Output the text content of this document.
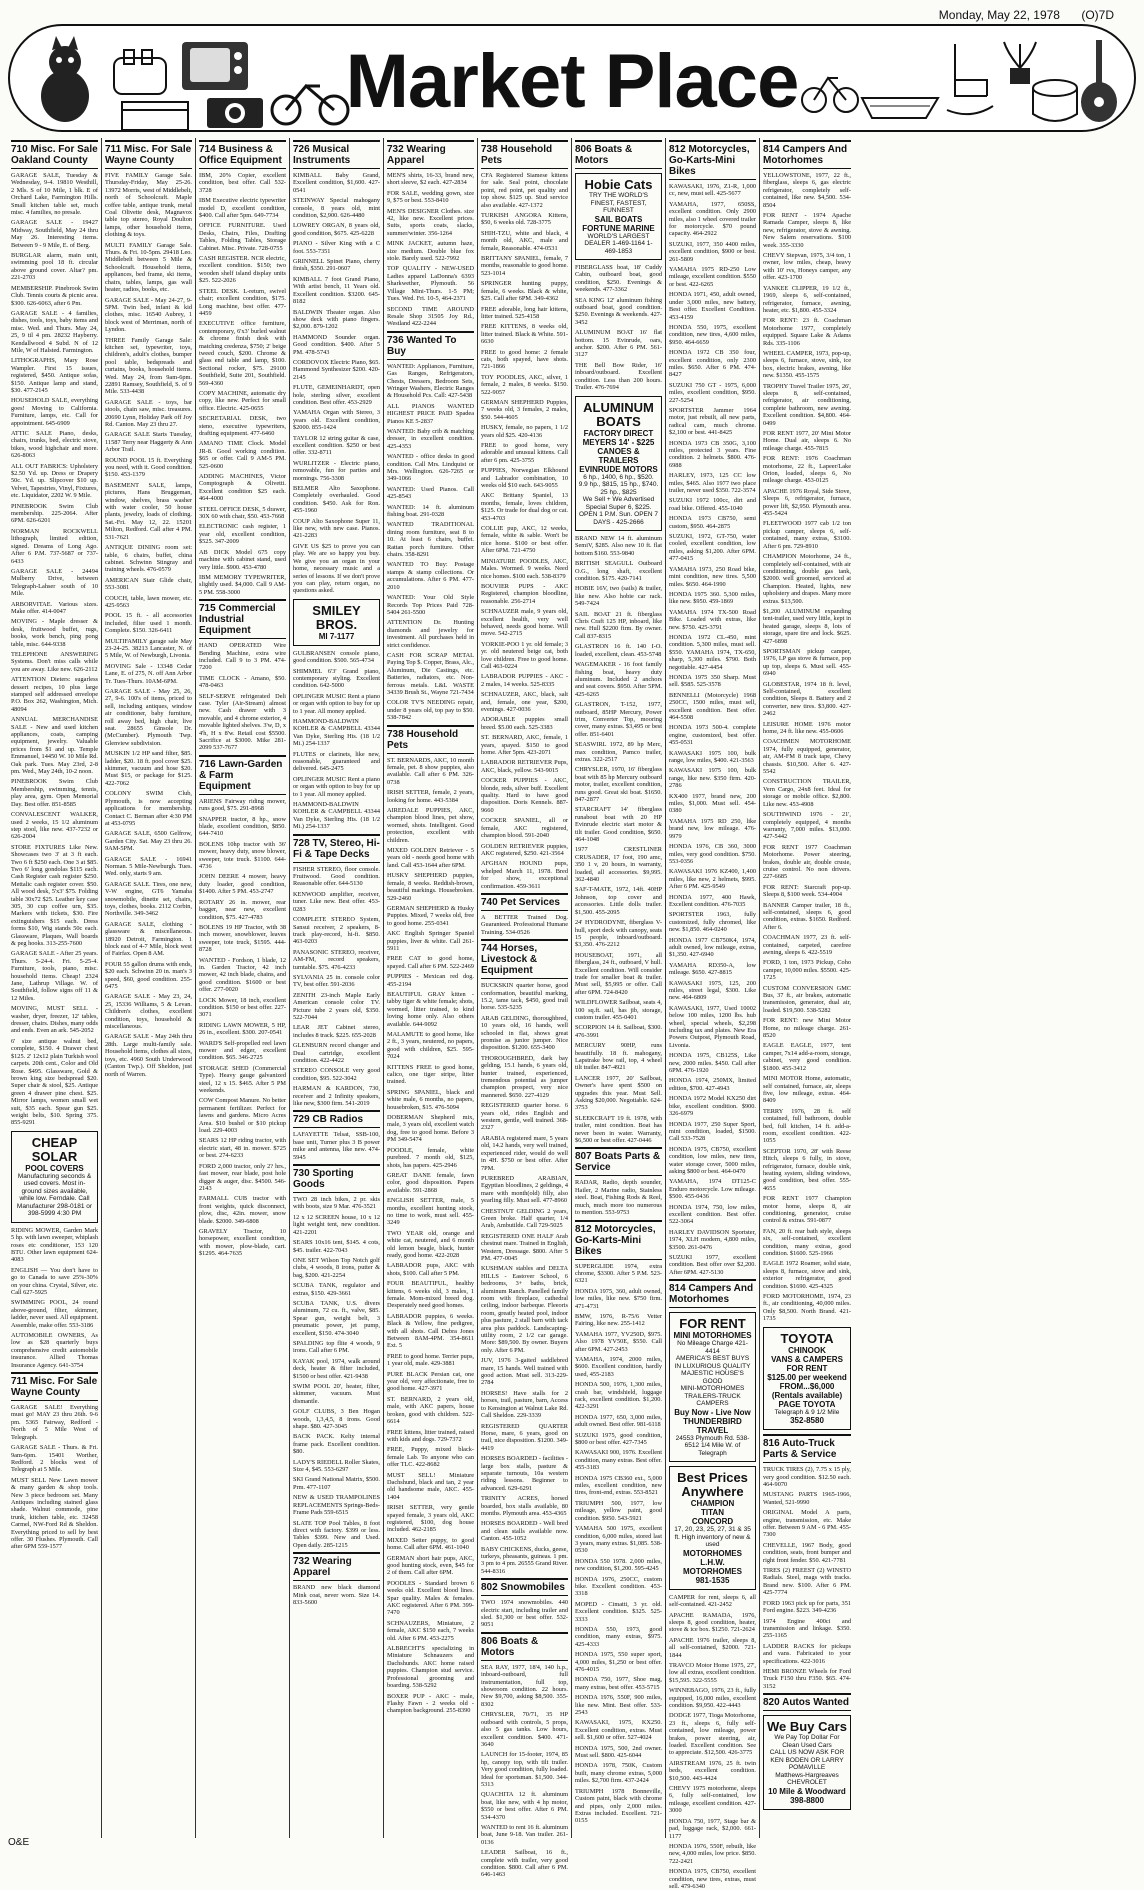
Monday, May 22, 1978 (O)7D
Market Place
710 Misc. For Sale Oakland County
GARAGE SALE, Tuesday & Wednesday, 9-4. 19810 Westhill, 2 Mls. S of 10 Mile, 1 blk. E of Orchard Lake, Farmington Hills. Small kitchen table set, much misc. 4 families, no presale.
GARAGE SALE - 19427 Midway, Southfield, May 24 thru May 26. Interesting items. Between 9 - 9 Mile, E. of Berg.
BURGLAR alarm, main unit, swimming pool 18 ft. circular above ground cover. Altar? pm. 221-2703
MEMBERSHIP. Pinebrook Swim Club. Tennis courts & picnic area. $300. 626-6063, after 6 Pm.
GARAGE SALE - 4 families, dishes, tools, toys, baby items and misc. Wed. and Thurs. May 24, 25, 9 til 4 pm. 28232 Hayberry. Kendallwood 4 Subd. N of 12 Mile, W of Halsted. Farmington.
LITHOGRAPHS, Mary Rose Wampler. First 15 issues, registered, $450. Antique sofas, $150. Antique lamp and stand, $30. 477-2145
HOUSEHOLD SALE, everything goes! Moving to California. Furniture, lamps, etc. Call for appointment. 645-6909
ATTIC SALE Piano, desks, chairs, trunks, bed, electric stove, bikes, wood highchair and more. 626-8063
ALL OUT FABRICS: Upholstery $2.50 Yd. up. Dress or Drapery 50c. Yd. up. Slipcover $10 up. Velvet, Tapestries, Vinyl, Fixtures, etc. Liquidator, 2202 W. 9 Mile.
PINEBROOK Swim Club membership. 225-2064. After 6PM. 626-6201
NORMAN ROCKWELL lithograph, limited edition, signed. Dreams of Long Ago. After 6 P.M. 737-5687 or 737-6433
GARAGE SALE - 24494 Mulberry Drive, between Telegraph-Lahser south of 10 Mile.
ARBORVITAE. Various sizes. Make offer. 414-0047
MOVING - Maple dresser & desk, fruitwood buffet, rugs, books, work bench, ping pong table, misc. 644-9338
TELEPHONE ANSWERING Systems. Don't miss calls while you are away. Like new. 626-2112
ATTENTION Dieters: sugarless dessert recipes, 10 plus large stamped self addressed envelope P.O. Box 262, Washington, Mich. 48094
ANNUAL MERCHANDISE SALE - New and used kitchen appliances, coats, camping equipment, jewelry. Valuable prices from $1 and up. Temple Emmanuel, 14450 W. 10 Mile Rd. Oak park. Tues. May 23rd, 2-8 pm. Wed., May 24th, 10-2 noon.
PINEBROOK Swim Club Membership, swimming, tennis, play area, gym. Open Memorial Day. Best offer. 851-8585
CONVALESCENT WALKER, used 2 weeks, 15 1/2 aluminum step stool, like new. 437-7232 or 626-2004
STORE FIXTURES Like New. Showcases two 3' at 3 ft each. Two 6 ft $250 each. One 3 at $85. Two 6' long gondolas $115 each. Cash Register cash register $250. Mettalic cash register cover. $50. All wood desk, 5'x3' $75. Folding table 30x72 $25. Leather key case 305, 30 cup coffee urn, $35. Markers with tickets, $30. Fire extinguishers $15 each. Dress forms $10, Wig stands 50c each. Glassware, Plaques, Wall boards & peg hooks. 313-255-7600
GARAGE SALE - After 25 years. Thurs. 5-24-4. Fri. 5-25-4. Furniture, tools, piano, misc. household items. Cheap! 2324 Jane, Lathrup Village. W. of Southfield, follow signs off 11 & 12 Miles.
MOVING, MUST SELL - washer, dryer, freezer, 12' tables, dresser, chairs. Dishes, many odds and ends. Even an ark. 545-2052
6' size antique walnut bed, complete, $150. 4 Drawer chest $125. 2' 12x12 plain Turkish wool carpets. 20th cent., Color and Old Rose. $495. Glassware, Gold & brown king size bedspread $20. Super chair & stool, $25. Antique green 4 drawer pine chest. $25. Mirror lamps, women small wet suit, $35 each. Spear gun $25. weight belts, $10. Spring 375. 855-9291
CHEAP SOLAR
POOL COVERS
Manufacturing seconds & used covers. Most in-ground sizes available, while low. Ferndale. Call Manufacturer 298-0181 or 398-5999 4:30 PM
RIDING MOWER, Garden Mark 5 hp. with lawn sweeper, whiplash roses etc conditioner, 153 120 BTU. Other lawn equipment 624-4083
ENGLISH — You don't have to go to Canada to save 25%-30% on your china. Crystal, Silver, etc. Call 627-5925
SWIMMING POOL, 24 round above-ground, filter, skimmer, ladder, never used. All equipment. Assemble, make offer. 553-3186
AUTOMOBILE OWNERS, As low as $28 quarterly buys comprehensive credit automobile insurance. Allied Thomas Insurance Agency. 641-3754
711 Misc. For Sale Wayne County
GARAGE SALE! Everything must go! MAY 23 thru 26th. 9-6 pm. 5365 Fairway, Redford - North of 5 Mile West of Telegraph.
GARAGE SALE - Thurs. & Fri. 9am-6pm. 15401 Worther, Redford. 2 blocks west of Telegraph at 5 Mile.
MUST SELL New Lawn mower & many garden & shop tools. New 3 piece bedroom set. Many Antiques including stained glass shade. Walnut commode, pine trunk, kitchen table, etc. 32458 Carmel, NW-Ford Rd & Sheldon. Everything priced to sell by best offer. 30 Flushes. Plymouth. Call after 6PM 559-1577
711 Misc. For Sale Wayne County
FIVE FAMILY Garage Sale. Thursday-Friday, May 25-26. 13972 Morris, west of Middlebelt, north of Schoolcraft. Maple coffee table, antique trunk, metal Coal Olivette desk, Magnavox table top stereo, Royal Doulton lamps, other household items, clothing & toys.
MULTI FAMILY Garage Sale. Thurs. & Fri. 10-5pm. 29418 Leo. Middlebelt between 5 Mile & Schoolcraft. Household items, appliances, bed frame, ski items, chairs, tables, lamps, gas wall heater, radios, books, etc.
GARAGE SALE - May 24-27, 9-5PM. Twin bed, infant & kid clothes, misc. 16540 Aubrey, 1 block west of Merriman, north of Lyndon.
THREE Family Garage Sale: kitchen set, typewriter, toys, children's, adult's clothes, bumper pool table, bedspreads and curtains, books, household items. Wed. May 24, from 9am-6pm. 22891 Ramsey, Southfield, S. of 9 Mile. 533-4438
GARAGE SALE - toys, bar stools, chain saw, misc. treasures. 20690 Lynn, Holiday Park off Joy Rd. Canton. May 23 thru 27.
GARAGE SALE Starts Tuesday, 11587 Terry near Haggerty & Ann Arbor Trail.
ROUND POOL 15 ft. Everything you need, with it. Good condition. $150. 453-1379
BASEMENT SALE, lamps, pictures, Hans Bruggeman, window, shelves, brass washer with water cooler, 50 house plants, jewelry, loads of clothing. Sat.-Fri. May 12, 22. 15201 Milton, Redford. Call after 4 PM. 531-7621
ANTIQUE DINING room set: table, 6 chairs, buffet, china cabinet. Schwinn Stingray and training wheels. 476-0579
AMERICAN Stair Glide chair, 553-3081
COUCH, table, lawn mower, etc. 425-9563
POOL 15 ft. - all accessories included, filter used 1 month. Complete. $150. 326-6411
MULTIFAMILY garage sale May 23-24-25. 38213 Lancaster, N. of 5 Mile, W. of Newburgh, Livonia.
MOVING Sale - 13348 Cedar Lane, E. of 275, N. off Ann Arbor Tr. Tues-Thurs. 10AM-6PM.
GARAGE SALE - May 25, 26, 27, 9-6. 100's of items, priced to sell, including antiques, window air conditioner, baby furniture, roll away bed, high chair, live seat. 28655 Ginsole Dr. (McCumber). Plymouth Twp. Glenview subdivision.
MUSKIN 1/2 HP sand filter, $85. ladder, $20. 18 ft. pool cover $25. skimmer, vacuum and hose $20. Must $15, or package for $125. 422-7062
COLONY SWIM Club, Plymouth, is now accepting applications for membership. Contact C. Berman after 4:30 PM at 453-0795
GARAGE SALE, 6500 Gelfrow, Garden City. Sat. May 23 thru 26. 9AM-5PM.
GARAGE SALE - 16941 Norman. 5 Mile-Newburgh. Tues. Wed. only, starts 9 am.
GARAGE SALE. Tires, one new, V-W engine, GT6 Yamaha snowmobile, dinette set, chairs, toys, clothes, books. 2112 Corbin, Northville. 349-3462
GARAGE SALE, clothing - glassware & miscellaneous. 18920 Detroit, Farmington. 1 block east of 4-7 Mile, block west of Fairfax. Open 8 AM.
FOUR 55 gallon drums with ends, $20 each. Schwinn 20 in. man's 3 speed, $60, good condition. 255-6475
GARAGE SALE - May 23, 24, 25, 15336 Williams, 5 & Levan. Children's clothes, excellent condition, toys, household & miscellaneous.
GARAGE SALE - May 24th thru 28th. Large multi-family sale. Household items, clothes all sizes, toys, etc. 4960 South Underwood (Canton Twp.). Off Sheldon, just north of Warren.
714 Business & Office Equipment
IBM, 20% Copier, excellent condition, best offer. Call 532-3728
IBM Executive electric typewriter model D, excellent condition, $400. Call after 5pm. 649-7734
OFFICE FURNITURE. Used Desks, Chairs, Files, Drafting Tables, Folding Tables, Storage Cabinet. Misc. Private. 728-0755
CASH REGISTER. NCR electric, excellent condition. $150; two wooden shelf island display units $25. 522-2026
STEEL DESK. L-return, swivel chair; excellent condition, $175. Long machine, best offer. 477-4459
EXECUTIVE office furniture, contemporary, 6'x3' burled walnut & chrome finish desk with matching credenza, $750; 2' beige tweed couch, $200. Chrome & glass end table and lamp, $100. Sectional rocker, $75. 29100 Southfield, Suite 201, Southfield. 569-4360
COPY MACHINE, automatic dry copy, like new. Perfect for small office. Electric. 425-0655
SECRETARIAL DESK, two steno, executive typewriters, drafting equipment. 477-6460
AMANO TIME Clock. Model JR-8. Good working condition. $65 or offer. Call 9 AM-5 PM. 525-0600
ADDING MACHINES, Victor Comptograph & Olivetti. Excellent condition $25 each. 464-4000
STEEL OFFICE DESK, 5 drawer, 30X 60 with chair, $50. 453-7668
ELECTRONIC cash register, 1 year old, excellent condition, $525. 347-2009
AB DICK Model 675 copy machine with cabinet stand, used very little. $900. 453-4780
IBM MEMORY TYPEWRITER, slightly used. $4,000. Call 9 AM-5 PM. 558-3000
715 Commercial Industrial Equipment
HAND OPERATED Wire Bending Machine, extra wire included. Call 9 to 3 PM. 474-7200
TIME CLOCK - Amano, $50. 478-0463
SELF-SERVE refrigerated Deli case. Tyler (Air-Stream) almost new. Cash drawer with 3 movable, and 4 chrome exterior, 4 movable lighted shelves. 3'w, D, x 4'h, H x 8'w. Retail cost $5500. Sacrifice at $3000. Mike 281-2099 537-7677
716 Lawn-Garden & Farm Equipment
ARIENS Fairway riding mower, runs good, $75. 291-8968
SNAPPER tractor, 8 hp., snow blade, excellent condition, $850. 644-7410
BOLENS 10hp tractor with 36' mower, heavy duty, snow blower, sweeper, tote truck. $1100. 644-4736
JOHN DEERE 4 mower, heavy duty loader, good condition, $1400. After 5 PM. 453-2747
ROTARY 26 in. mower, rear bagger, near new, excellent condition, $75. 427-4783
BOLENS 19 HP Tractor, with 38 inch mower, snowblower, leaves sweeper, tote truck, $1595. 444-8728
WANTED - Fordson, 1 blade, 12 in. Garden Tractor, 42 inch mower, 42 inch blade, chains, and good condition. $1600 or best offer. 277-0020
LOCK Mower, 18 inch, excellent condition. $150 or best offer. 227-3071
RIDING LAWN MOWER, 5 HP, 26 in., excellent. $300. 207-0541
WARD'S Self-propelled reel lawn mower and edger, excellent condition. $65. 346-2725
STORAGE SHED (Commercial Type). Heavy gauge galvanized steel, 12 x 15. $465. After 5 PM weekends.
COW Compost Manure. No better permanent fertilizer. Perfect for lawns and gardens. Micro Acres Area. $10 bushel or $10 pickup load. 229-4003
SEARS 12 HP riding tractor, with electric start, 48 in. mower. $725 or best. 274-6233
FORD 2,000 tractor, only 2? hrs., fast mower, rear blade, post hole digger & auger, disc. $4500. 546-2143
FARMALL CUB tractor with front weights, quick disconnect, plow, disc, 42in. mower, snow blade. $2000. 349-6808
GRAVELY Tractor, 10 horsepower, excellent condition, with mower, plow-blade, cart. $1295. 464-7635
726 Musical Instruments
KIMBALL Baby Grand, Excellent condition, $1,600. 427-0541
STEINWAY Special mahogany console, 8 years old, mint condition, $2,900. 626-4480
LOWREY ORGAN, 8 years old, good condition, $675. 425-6228
PIANO - Silver King with a C foot. 553-7351
GRINNELL Spinet Piano, cherry finish, $350. 291-0607
KIMBALL 7 foot Grand Piano, With artist bench, 11 Years old. Excellent condition. $3200. 645-8182
BALDWIN Theater organ. Also show deck with piano fingers. $2,000. 879-1202
HAMMOND Sounder organ. Good condition. $400. After 5 PM. 478-5743
CORDOVOX Electric Piano, $65. Hammond Synthesizer $200. 420-2145
FLUTE, GEMEINHARDT, open hole, sterling silver, excellent condition. Best offer. 453-2929
YAMAHA Organ with Stereo, 3 years old. Excellent condition, $2000. 855-1424
TAYLOR 12 string guitar & case, excellent condition. $250 or best offer. 332-8711
WURLITZER - Electric piano, removable, fun for parties and mornings. 756-3308
BELMER Alto Saxophone. Completely overhauled. Good condition. $450. Ask for Ron. 455-1960
COUP Alto Saxophone Super 11, like new, with new case. Pianos. 421-2283
GIVE US $25 to prove you can play. We are so happy you buy. We give you an organ in your home, necessary music and a series of lessons. If we don't prove you can play, return organ, no questions asked.
SMILEY BROS.
MI 7-1177
GULBRANSEN console piano, good condition. $500. 565-4734
SHIMMEL 6'3' Grand piano, contemporary styling. Excellent condition. 642-5000
OPLINGER MUSIC Rent a piano or organ with option to buy for up to 1 year. All money applied.
HAMMOND-BALDWIN KOHLER & CAMPBELL 43344 Van Dyke, Sterling Hts. (18 1/2 Mi.) 254-1337
FLUTES or clarinets, like new, reasonable, guaranteed and delivered. 645-2475
OPLINGER MUSIC Rent a piano or organ with option to buy for up to 1 year. All money applied.
HAMMOND-BALDWIN KOHLER & CAMPBELL 43344 Van Dyke, Sterling Hts. (18 1/2 Mi.) 254-1337
728 TV, Stereo, Hi-Fi & Tape Decks
FISHER STEREO, floor console. Fruitwood. Good condition. Reasonable offer. 644-5130
KENWOOD amplifier, receiver, tuner. Like new. Best offer. 453-0283
COMPLETE STEREO System, Sansui receiver, 2 speakers, 8-track play-record, hi-fi. $850. 463-0203
PANASONIC STEREO, receiver, AM-FM, record speakers, turntable. $75. 476-4233
SYLVANIA 25 in. console color TV, best offer. 591-2036
ZENITH 23-inch Maple Early American console color TV. Picture tube 2 years old, $350. 522-7044
LEAR JET Cabinet stereo, includes 8 track. $225. 655-2028
GLENBURN record changer and Dual cartridge, excellent condition. 422-4422
STEREO CONSOLE very good condition, $95. 522-3042
HARMAN & KARDON, 730, receiver and 2 Infinity speakers, like new, $300 firm. 541-2019
729 CB Radios
LAFAYETTE Telsat, SSB-100, base unit, Turner plus 3 B power mike and antenna, like new. 474-5945
730 Sporting Goods
TWO 28 inch bikes, 2 pr. skis with boots, size 9 Mar. 476-3521
12 x 12 SCREEN house, 10 x 12 light weight tent, new condition. 421-2201
SEARS 10x16 tent, $145. 4 cots, $45. trailer. 422-7043
ONE SET Wilson Top Notch golf clubs, 4 woods, 8 irons, putter & bag, $200. 421-2254
SCUBA TANK, regulator and extras, $150. 429-3661
SCUBA TANK, U.S. divers aluminum, 72 cu. ft., valve, $85. Spear gun, weight belt, 3 pneumatic power, jet pump, excellent, $150. 474-3040
SPALDING top flite 4 woods, 9 irons. Call after 6 PM.
KAYAK pool, 1974, walk around deck, heater & filter included, $1500 or best offer. 421-9438
SWIM POOL 20', heater, filter, skimmer, vacuum. Must dismantle.
GOLF CLUBS, 3 Ben Hogan woods, 1,3,4,5, 8 irons. Good shape. $80. 427-3045
BACK PACK. Kelty internal frame pack. Excellent condition. $80.
LADY'S RIEDELL Roller Skates, Size 4, $45. 553-6297
SKI Grand National Matrix, $500. Prm. 477-1107
NEW & USED TRAMPOLINES REPLACEMENTS Springs-Beds-Frame Pads 559-6515
SLATE TOP Pool Tables, 8 foot direct with factory. $399 or less. Tables $399. New and Used. Open daily. 285-1215
732 Wearing Apparel
BRAND new black diamond Mink coat, never worn. Size 14. 833-5600
732 Wearing Apparel
MEN'S shirts, 16-33, brand new, short sleeve, $2 each. 427-2834
FOR SALE, wedding gown, size 9, $75 or best. 553-8410
MEN'S DESIGNER Clothes. size 42, like new. Excellent prices. Suits, sports coats, slacks, summer/winter. 356-1264
MINK JACKET, autumn haze, size medium. Double blue fox stole. Barely used. 522-7992
TOP QUALITY - NEW-USED Ladies apparel LaDonna's 6393 Sharkwether, Plymouth. 56 Village Mini-Thurs. 1-5 PM; Tues. Wed. Fri. 10-5, 464-2371
SECOND TIME AROUND Resale Shop 31505 Joy Rd., Westland 422-2244
736 Wanted To Buy
WANTED: Appliances, Furniture, Gas Ranges, Refrigerators, Chests, Dressers, Bedroom Sets, Wringer Washers, Electric Ranges & Household Pcs. Call: 427-5438
ALL PIANOS WANTED HIGHEST PRICE PAID Spadea Pianos KE 5-2837
WANTED: Baby crib & matching dresser, in excellent condition. 425-4353
WANTED - office desks in good condition. Call Mrs. Lindquist or Mrs. Wellington. 626-7265 or 349-1066
WANTED: Used Pianos. Call 425-8543
WANTED: 14 ft. aluminum fishing boat. 291-0328
WANTED TRADITIONAL dining room furniture, seat 8 to 10. At least 6 chairs, buffet. Rattan porch furniture. Other chairs. 358-8291
WANTED TO Buy: Postage stamps & stamp collections. Or accumulations. After 6 PM. 477-2010
WANTED: Your Old Style Records Top Prices Paid 728-5404 261-5500
ATTENTION Dr. Hunting diamonds and jewelry for investment. All purchases held in strict confidence.
CASH FOR SCRAP METAL Paying Top $. Copper, Brass, Alc., Aluminum, Die Castings, etc. Batteries, radiators, etc. Non-ferrous metals. L&L WASTE 34339 Brush St., Wayne 721-7434
COLOR TV'S NEEDING repair, under 8 years old, top pay to $50. 538-7842
738 Household Pets
ST. BERNARDS, AKC, 10 month female, pet. 8 show puppies, also available. Call after 6 PM. 326-0738
IRISH SETTER, female, 2 years, looking for home. 443-5384
AIREDALE PUPPIES, AKC, champion blood lines, pet show, wormed, shots. Intelligent. Good protection, excellent with children.
MIXED GOLDEN Retriever - 5 years old - needs good home with land. Call 453-1644 after 6PM.
HUSKY SHEPHERD puppies, female, 8 weeks. Reddish-brown, beautiful markings. Housebroken. 529-2460
GERMAN SHEPHERD & Husky Puppies. Mixed, 7 weeks old, free to good home. 255-0341
AKC English Springer Spaniel puppies, liver & white. Call 261-5911
FREE CAT to good home, spayed. Call after 6 PM. 522-2469
PUPPIES - Mexican red dog. 455-2194
BEAUTIFUL GRAY kitten - tabby tiger & white female; shots, wormed, litter trained, to kind loving home only. Also others available. 644-9092
MALAMUTE to good home, like 2 ft., 3 years, neutered, no papers, good with children, $25. 595-7024
KITTENS FREE to good home, calico, one tiger stripe, litter trained.
SPRING SPANIEL, black and white male, 6 months, no papers, housebroken, $15. 476-5094
DOBERMAN Shepherd mix, male, 3 years old, excellent watch dog, free to good home. Before 3 PM 349-5474
POODLE, female, white purebred. 7 month old, $125, shots, has papers. 425-2946
GREAT DANE female, fawn color, good disposition. Papers available. 591-2868
ENGLISH SETTER, male, 5 months, excellent hunting stock, no time to work, must sell. 455-3249
TWO YEAR old, orange and white cat, neutered, and 6 month old lemon beagle, black, hunter ready, good home. 422-2028
LABRADOR pups, AKC with shots, $100. Call after 5 PM.
FOUR BEAUTIFUL, healthy kittens, 6 weeks old, 3 males, 1 female. Mom-mixed breed dog. Desperately need good homes.
LABRADOR puppies, 6 weeks. Black & Yellow, fine pedigree, with all shots. Call Debra Jones Between 8AM-4PM. 354-8611 Ext. 5
FREE to good home. Terrier pups, 1 year old, male. 429-3881
PURE BLACK Persian cat, one year old, very affectionate, free to good home. 427-3971
ST. BERNARD, 2 years old, male, with AKC papers, house broken, good with children. 522-6614
FREE kittens, litter trained, raised with kids and dogs. 729-7372
FREE, Puppy, mixed black-female Lab. To anyone who can offer TLC. 422-8682
MUST SELL! Miniature Dachshund, black and tan, 2 year old handsome male, AKC. 455-1404
IRISH SETTER, very gentle spayed female, 3 years old, AKC registered, $100, dog house included. 462-2185
MIXED Setter puppy, to good home. Call after 6PM. 461-1040
GERMAN short hair pups, AKC, good hunting stock, even, $45 for 2 of them. Call after 6PM.
POODLES - Standard brown 6 weeks old. Excellent blood lines. Spar quality. Males & females. AKC registered. After 6 PM. 399-7470
SCHNAUZERS, Miniature, 2 female, AKC $150 each, 7 weeks old. After 6 PM. 453-2275
ALBRECHT'S specializing in Miniature Schnauzers and Dachshunds. AKC home raised puppies. Champion stud service. Professional grooming and boarding. 538-5292
BOXER PUP - AKC - male, Flashy Fawn - 2 weeks old - champion background. 255-8390
738 Household Pets
CFA Registered Siamese kittens for sale. Seal point, chocolate point, red point, pet quality and top show. $125 up. Stud service also available. 427-1372
TURKISH ANGORA Kittens, $50, 6 weeks old. 728-3775
SHIH-TZU, white and black, 4 month old, AKC, male and female, Reasonable. 474-0531
BRITTANY SPANIEL, female, 7 months, reasonable to good home. 523-1014
SPRINGER hunting puppy, female, 6 weeks. Black & white, $25. Call after 6PM. 349-4362
FREE adorable, long hair kittens, litter trained. 525-4158
FREE KITTENS, 8 weeks old, litter trained. Black & White. 591-6630
FREE to good home: 2 female cats, both spayed, have shots. 721-1866
TOY POODLES, AKC, silver, 1 female, 2 males, 8 weeks. $150. 522-9057
GERMAN SHEPHERD Puppies, 7 weeks old, 3 females, 2 males, $50. 544-4605
HUSKY, female, no papers, 1 1/2 years old $25. 420-4136
FREE to good home, very adorable and unusual kittens. Call after 6 pm. 425-3755
PUPPIES, Norwegian Elkhound and Labrador combination, 10 weeks old $10 each. 643-9055
AKC Brittany Spaniel, 13 months, female, loves children, $125. Or trade for dual dog or cat. 453-4703
COLLIE pup, AKC, 12 weeks, female, white & sable. Won't be nice home. $100 or best offer. After 6PM. 721-4750
MINIATURE POODLES, AKC, Males. Wormed. 9 weeks. Need nice homes. $100 each. 538-8379
BOUVIER PUPS - AKC Registered, champion bloodline, reasonable. 256-2714
SCHNAUZER male, 9 years old, excellent health, very well behaved, needs good home. Will move. 542-2715
YORKIE-POO 1 yr. old female; 3 yr. old neutered beige cat, both love children. Free to good home. Call 463-0224
LABRADOR PUPPIES - AKC - 2 males, 14 weeks. 525-8335
SCHNAUZER, AKC, black, salt and, female, one year, $200, evenings. 427-0036
ADORABLE puppies small breed. $5.00 each. 525-3383
ST. BERNARD, AKC, female, 1 years, spayed. $150 to good home. After 5pm. 423-2071
LABRADOR RETRIEVER Pups, AKC, black, yellow. 543-9015
COCKER PUPPIES - AKC, blonde, reds, silver buff. Excellent quality. Hard to have good disposition. Doris Kennels. 887-9660
COCKER SPANIEL, all or female, AKC registered, champion blood. 591-2040
GOLDEN RETRIEVER puppies, AKC registered, $250. 421-3564
AFGHAN HOUND pups, whelped March 11, 1978. Bred for show, exceptional confirmation. 459-3611
740 Pet Services
A BETTER Trained Dog. Guaranteed. Professional Humane Training. 534-0526
744 Horses, Livestock & Equipment
BUCKSKIN quarter horse, good conformation, beautiful marking, 15.2, tame tack, $450, good trail horse. 535-5235
ARAB GELDING, thoroughbred, 10 years old, 16 hands, well schooled in flat, shows great promise as junior jumper. Nice disposition. $1200. 655-3400
THOROUGHBRED, dark bay gelding, 15.1 hands, 6 years old, hunter trained, experienced, tremendous potential as jumper champion prospect, very nice mannered. $650. 227-4129
REGISTERED quarter horse. 6 years old, rides English and western, gentle, well trained. 368-2327
ARABIA registered mare, 5 years old, 14.2 hands, very well trained, experienced rider, would do well in 4H. $750 or best offer. After 7PM.
PUREBRED ARABIAN, Egyptian bloodlines, 2 geldings, 4 mare with month(old) filly, also yearling filly. Must sell. 477-8960
CHESTNUT GELDING 2 years, Green broke. Half quarter, 1/4 Arab, Ambutilde. Call 729-5025
REGISTERED ONE HALF Arab chestnut mare. Trained in English, Western, Dressage. $800. After 5 PM. 477-0045
KUSHMAN stables and DELTA HILLS - Eastover School, 6 bedrooms, 3+ baths, brick, aluminum Ranch. Panelled family room with fireplace, cathedral ceiling, indoor barbeque. Fleeoris room, greatly heated pool, indoor plus pasture, 2 stall barn with tack area plus paddock. Landscaping-utility room, 2 1/2 car garage. More: $89,500. By owner. Buyers only. After 6 PM.
JUV, 1976 3-gaited saddlebred mare, 15 hands. Well trained with good action. Must sell. 313-229-2784
HORSES! Have stalls for 2 horses, trail, pasture, barn, Access to Kensington at Walnut Lake Rd. Call Sheldon. 229-3339
REGISTERED QUARTER Horse, mare, 6 years, good on trail, nice disposition. $1200. 349-4419
HORSES BOARDED - facilities - large box stalls, pasture & separate turnouts, 10a western riding lessons. Beginner to advanced. 629-6291
TRINITY ACRES, horsed boarded, box stalls available, 80 months. Plymouth area. 453-4365
HORSES BOARDED - Well bred and clean stalls available now. Canton. 455-1052
BABY CHICKENS, ducks, geese, turkeys, pheasants, guineas. 1 pm. 3 pm to 4 pm. 26555 Grand River. 544-8316
802 Snowmobiles
TWO 1974 snowmobiles. 440 electric start, including trailer and sled. $1,300 or best offer. 532-9051
806 Boats & Motors
SEA RAY, 1977, 18'4, 140 h.p., inboard-outboard, full instrumentation, full top, showroom condition. 22 hours. New $9,700, asking $8,500. 355-8302
CHRYSLER, 70/71, 35 HP outboard with controls, 5 props, also 5 gas tanks. Low hours, excellent condition. $400. 471-3640
LAUNCH for 15-footer, 1974, 85 hp, canopy top, with tilt trailer. Very good condition, fully loaded. Ideal for sportsman. $1,500. 344-5313
QUACHITA 12 ft. aluminum boat, like new, with 4 hp motor, $550 or best offer. After 6 PM. 534-4370
WANTED to rent 16 ft. aluminum boat, June 9-18. Van trailer. 261-0136
LEADER Sailboat, 16 ft., complete with trailer, very good condition. $800. Call after 6 PM. 646-1463
806 Boats & Motors
Hobie Cats
TRY THE WORLD'S FINEST, FASTEST, FUNNEST
SAIL BOATS
FORTUNE MARINE
WORLD'S LARGEST DEALER 1-469-1164 1-469-1853
FIBERGLASS boat, 18' Cuddy Cabin, outboard boat, good condition, $250. Evenings & weekends. 477-3362
SEA KING 12' aluminum fishing outboard boat, good condition. $250. Evenings & weekends. 427-3452
ALUMINUM BOAT 16' flat bottom. 15 Evinrude, oars, anchor. $200. After 6 PM. 561-3127
THE Bell Bow Rider, 16' inboard/outboard. Excellent condition. Less than 200 hours. Trailer. 476-7694
ALUMINUM BOATS
FACTORY DIRECT
MEYERS 14' - $225
CANOES & TRAILERS
EVINRUDE MOTORS
6 hp., 1400, 6 hp., $520. 9.9 hp., $815, 15 hp., $740. 25 hp., $825
We Sell + We Advertised Special Super 6, $225. OPEN 1 P.M. Sun. OPEN 7 DAYS - 425-2666
BRAND NEW 14 ft. aluminum SemiV, $285. Also new 10 ft. flat bottom $160. 553-9840
BRITISH SEAGULL Outboard O.G., long shaft, excellent condition. $175. 420-7141
HOBIE 16V, two (sails) & trailer, like new. Also hobie car rack. 549-7424
SAIL BOAT 21 ft. fiberglass Chris Craft 125 HP, inboard, like new. Hull $2200 firm. By owner. Call 837-8315
GLASTRON 16 ft. 140 I-O. loaded, excellent, clean. 453-5748
WAGEMAKER - 16 foot family fishing boat, heavy duty aluminum. Included 2 anchors and seat covers. $950. After 5PM. 425-6265
GLASTRON, T-152, 1977, outboard, 85HP Mercury, Power trim, Converter Top, mooring cover, many extras. $3,495 or best offer. 851-6401
SEASWIRL 1972, 89 hp Merc, max condition, Pamco trailer, extras. 322-2517
CHRYSLER, 1970, 16' fiberglass boat with 85 hp Mercury outboard motor, trailer, excellent condition, runs good. Great ski boat. $1650. 847-2877
STARCRAFT 14' fiberglass runabout boat with 20 HP Evinrude electric start motor & tilt trailer. Good condition, $650. 464-1048
1977 CRESTLINER CRUSADER, 17 foot, 190 amc, 350 1 v, 20 hours, in warranty, loaded, all accessories. $9,995. 362-4840
SAF-T-MATE, 1972, 14ft. 40HP Johnson, top cover and accessories. Little dolls trailer. $1,500. 455-2095
24' HYDRODYNE, fiberglass V-hull, sport deck with canopy, seats 15 people, inboard/outboard. $3,350. 476-2212
HOUSEBOAT, 1971, all fiberglass, 24 ft., outboard, V hull. Excellent condition. Will consider trade for smaller boat & trailer. Must sell, $5,995 or offer. Call after 6PM. 724-8420
WILDFLOWER Sailboat, seats 4, 100 sq.ft. sail, has jib, storage, custom trailer. 455-0401
SCORPION 14 ft. Sailboat, $300. 476-3991
MERCURY 90HP, runs beautifully. 18 ft. mahogany, Lapstrake bow rail, top, 4 wheel tilt trailer. 847-4921
LANCER 1977, 20' Sailboat, Owner's have spent $500 on upgrades this year. Must Sell. Asking $20,000. Negotiable. 624-3753
SLEEKCRAFT 19 ft. 1978, with trailer, mint condition. Boat has never been in water. Warranty, $6,500 or best offer. 427-0446
807 Boats Parts & Service
RADAR, Radio, depth sounder, Hailer, 2 Marine radio, Stainless steel. Boat, Fishing Rods & Reel, much, much more too numerous to mention. 553-9753
812 Motorcycles, Go-Karts-Mini Bikes
SUPERGLIDE 1974, extra chrome, $3300. After 5 P.M. 523-6321
HONDA 1975, 360, adult owned, low miles, like new. $750 firm. 471-4731
BMW, 1976, R-75/6 Vetter Fairing, like new. 255-1412
YAMAHA 1977, YV250D, $975. Also 1978 YV50E, $550. Call after 6PM. 427-2453
YAMAHA, 1974, 2000 miles, $600. Excellent condition, hardly used, 455-2183
HONDA 500, 1976, 1,300 miles, crash bar, windshield, luggage rack, excellent condition. $1,200. 422-3291
HONDA 1977, 650, 3,000 miles, adult owned. Best offer. 981-6118
SUZUKI 1975, good condition, $800 or best offer. 427-7345
KAWASAKI 900, 1976. Excellent condition, many extras. Best offer. 455-3183
HONDA 1975 CB360 ext., 5,000 miles, excellent condition, new tires, front-end, extras. 553-8521
TRIUMPH 500, 1977, low mileage, yellow paint, good condition. $950. 543-5921
YAMAHA 500 1975, excellent condition, 6,000 miles, stored last 3 years, many extras. $1,085. 538-0530
HONDA 550 1978. 2,000 miles, new condition, $1,200. 595-4245
HONDA 1976, 250CC, custom bike. Excellent condition. 453-3318
MOPED - Cimatti, 3 yr. old. Excellent condition. $325. 525-3333
HONDA 550, 1973, good condition, many extras, $975. 425-4333
HONDA 1975, 550 super sport, 4,000 miles, $1,250 or best offer. 476-4015
HONDA 750, 1977, Shoe mag, many extras, best offer. 453-5715
HONDA 1976, 550F, 900 miles, like new. Mint. Best offer. 533-2543
KAWASAKI, 1975, KX250. Excellent condition, extras. Must sell. $1,600 or offer. 527-4024
HONDA 1975, 500, 2nd owner. Must sell. $800. 425-6044
HONDA 1978, 750K, Custom built, many chrome extras, 5,000 miles. $2,700 firm. 437-2424
TRIUMPH 1978 Bonneville, Custom paint, black with chrome and pipes, only 2,000 miles. Extras included. Excellent. 721-0155
812 Motorcycles, Go-Karts-Mini Bikes
KAWASAKI, 1976, Z1-R, 1,000 cc, new, must sell. 425-5677
YAMAHA, 1977, 650SS, excellent condition. Only 2900 miles, also 1 wheel covered trailer for motorcycle. $70 pound capacity. 464-2922
SUZUKI, 1977, 350 4400 miles, excellent condition, $900 or best. 261-5809
YAMAHA 1975 RD-250 Low mileage, excellent condition. $550 or best. 422-6265
HONDA 1971, 450, adult owned, under 3,000 miles, new battery, Best offer. Excellent Condition. 453-4159
HONDA 550, 1975, excellent condition, new tires, 4,600 miles, $950. 464-6659
HONDA 1972 CB 350 four, excellent condition, only 2300 miles. $650. After 6 PM. 474-8427
SUZUKI 750 GT - 1975, 6,000 miles, excellent condition, $950. 227-5254
SPORTSTER Jammer 1964 motor, just rebuilt, all new parts, radical cam, much chrome. $2,100 or best. 441-8425
HONDA 1973 CB 350G, 3,100 miles, protected 3 years. Fine condition. 2 helmets. $800. 476-6988
HARLEY, 1973, 125 CC low miles, $465. Also 1977 two place trailer, never used $350. 722-3574
SUZUKI 1972 100cc, dirt and road bike. Offered. 455-1040
HONDA 1973 CB750, semi custom, $950. 464-2875
SUZUKI, 1972, GT-750, water cooled, excellent condition, low miles, asking $1,200. After 6PM. 477-0415
YAMAHA 1973, 250 Road bike, mint condition, new tires. 5,500 miles. $650. 464-1990
HONDA 1975 360. 5,300 miles, like new. $950. 459-1869
YAMAHA 1974 TX-500 Road Bike. Loaded with extras, like new. $750. 425-3791
HONDA 1972 CL-450, mint condition. 5,300 miles, must sell. $550. YAMAHA 1974, TX-650, sharp, 5,300 miles. $790. Both negotiable. 427-4454
HONDA 1975 350 Sharp. Must sell. $585. 525-3578
BENNELLI (Motorcycle) 1968 250CC, 1500 miles, must sell, excellent condition. Best offer. 464-5508
HONDA 1973 500-4. complete engine, customized, best offer. 455-0531
KAWASAKI 1975 100, bulk range, low miles, $400. 421-3563
KAWASAKI 1975 100, bulk range, like new. $350 firm. 420-2786
KX400 1977, brand new, 200 miles, $1,000. Must sell. 454-0380
YAMAHA 1975 RD 250, like brand new, low mileage. 476-9979
HONDA 1976, CB 360, 3000 miles, very good condition. $750. 553-0356
KAWASAKI 1976 KZ400, 1,400 miles, like new, 2 helmets, $995. After 6 PM. 425-9549
HONDA 1977, 400 Hawk, Excellent condition. 476-7035
SPORTSTER 1963, fully customized, fully chromed, like new. $1,850. 464-0240
HONDA 1977 CB750K4, 1974, adult owned, low mileage, extras, $1,350. 427-6940
YAMAHA RD350-A, low mileage. $650. 427-8815
KAWASAKI 1975, 125, 200 miles, street legal, $300. Like new. 464-6809
KAWASAKI, 1977, Used 10002 below 100 miles, 1200 lbs. hub wheel, special wheels, $2,298 including tax and plates. New Era Powers Outpost, Plymouth Road, Livonia.
HONDA 1975, CB125S, Like new, 2000 miles. $450. Call after 6PM. 476-1920
HONDA 1974, 250MX, limited edition, $700. 427-4943
HONDA 1972 Model KX250 dirt bike, excellent condition. $900. 326-6979
HONDA 1977, 250 Super Sport, mint condition, loaded, $1500. Call 533-7528
HONDA 1975, CB750, excellent condition, low miles, new tires, water storage cover, 5000 miles, asking $800 or best. 464-0470
YAMAHA, 1974 DT125-C Enduro motorcycle. Low mileage. $500. 455-0436
HONDA 1974, 750, low miles, excellent condition. Best offer. 522-3064
HARLEY DAVIDSON Sportster, 1974, XLH modern, 4,800 miles, $3500. 261-0476
SUZUKI 1977, excellent condition. Best offer over $2,200. After 6PM. 427-5130
814 Campers And Motorhomes
FOR RENT
MINI MOTORHOMES
No Mileage Charge 421-4414
AMERICA'S BEST BUYS IN LUXURIOUS QUALITY MAJESTIC HOUSE'S GOOD
MINI-MOTORHOMES TRAILERS-TRUCK CAMPERS
Buy Now - Live Now
THUNDERBIRD TRAVEL
24553 Plymouth Rd. 538-6512 1/4 Mile W. of Telegraph
Best Prices Anywhere
CHAMPION
TITAN
CONCORD
17, 20, 23, 25, 27, 31 & 35 ft. High inventory of new & used
MOTORHOMES
L.H.W. MOTORHOMES
981-1535
CAMPER for rent, sleeps 6, all self-contained. 421-2452
APACHE RAMADA, 1976, sleeps 8, good condition, heater, stove & ice box. $1250. 721-2624
APACHE 1976 trailer, sleeps 8, all self-contained, $2000. 721-1844
TRAVCO Motor Home 1975, 27', low all extras, excellent condition. $15,595. 322-5555
WINNEBAGO, 1976, 23 ft., fully equipped, 16,000 miles, excellent condition. $9,950. 422-4443
DODGE 1977, Tioga Motorhome, 23 ft., sleeps 6, fully self-contained, low mileage, power brakes, power steering, air, loaded. Excellent condition. See to appreciate. $12,500. 426-3775
AIRSTREAM 1976, 25 ft. twin beds, excellent condition. $10,500. 443-4424
CHEVY 1975 motorhome, sleeps 6, fully self-contained, low mileage, excellent condition. 427-3000
HONDA 750, 1977, Stage bar & pad, luggage rack, $2,000. 661-1177
HONDA 1976, 550F, rebuilt, like new, 4,000 miles, low price. $850. 722-2421
HONDA 1975, CB750, excellent condition, new tires, extras, must sell. 479-6340
814 Campers And Motorhomes
YELLOWSTONE, 1977, 22 ft., fiberglass, sleeps 6, gas electric refrigerator, completely self-contained, like new. $4,500. 534-8504
FOR RENT - 1974 Apache Ramada Camper, sleeps 8, like new, refrigerator, stove & awning. New Salem reservations. $100 week. 355-3330
CHEVY Stepvan, 1975, 3/4 ton, 1 owner, low miles, cheap, heavy with 10' rvs, Honeys camper, any offer. 423-1700
YANKEE CLIPPER, 19 1/2 ft., 1969, sleeps 6, self-contained, refrigerator, furnace, awning, heater, etc. $1,800. 455-3324
FOR RENT: 23 ft. Coachman Motorhome 1977, completely equipped. Square Lake & Adams Rds. 335-1106
WHEEL CAMPER, 1973, pop-up, sleeps 6, furnace, stove, sink, ice box, electric brakes, awning, like new. $1350. 455-1575
TROPHY Travel Trailer 1975, 26', sleeps 8, self-contained, refrigerator, air conditioning, complete bathroom, new awning. Excellent condition. $4,800. 464-0499
FOR RENT 1977, 20' Mini Motor Home. Dual air, sleeps 6. No mileage charge. 455-7815
FOR RENT: 1976 Coachman motorhome, 22 ft., Lapeer/Lake Orion, loaded, sleeps 6, No mileage charge. 453-0125
APACHE 1976 Royal, Side Stove, Sleeps 6, refrigerator, furnace, power lift, $2,950. Plymouth area. 455-5424
FLEETWOOD 1977 cab 1/2 ton pickup camper, sleeps 6, self-contained, many extras, $3100. After 6 pm. 729-8910
CHAMPION Motorhome, 24 ft., completely self-contained, with air conditioning, double gas tank, $2000. well groomed, serviced at Champion. Heated, lights, new upholstery and drapes. Many more extras. $13,500.
$1,200 ALUMINUM expanding tent-trailer, used very little, kept in heated garage, sleeps 8, lots of storage, spare tire and lock. $625. 427-6898
SPORTSMAN pickup camper, 1976, LP gas stove & furnace, pop up top, sleeps 6. Must sell. 455-6940
GLOBESTAR, 1974 18 ft. level, Self-contained, excellent condition, Sleeps 8. Battery and 2 converter, new tires. $3,800. 427-2462
LEISURE HOME 1976 motor home, 24 ft. like new. 455-0606
COACHMEN MOTORHOME 1974, fully equipped, generator, air, AM-FM 8 track tape, Chevy chassis. $10,500. After 6. 427-5542
CONSTRUCTION TRAILER, Vern Cargo, 24x8 feet. Ideal for storage or mobile office. $2,800. Like new. 453-4908
SOUTHWIND 1976 - 21', completely equipped, 4 months warranty, 7,000 miles. $13,000. 427-5442
FOR RENT 1977 Coachman Motorhome. Power steering, brakes, double air, double crusie, cruise control. No non drivers. 227-6685
FOR RENT: Starcraft pop-up. Sleeps 8, $100 week. 534-4904
BANNER Camper trailer, 18 ft., self-contained, sleeps 6, good condition, extras. $1650. Redford. After 6.
COACHMAN 1977, 23 ft. self-contained, carpeted, carefree awning, sleeps 6. 422-5519
FORD, 1 ton, 1973 Pickup, Coho camper, 10,000 miles. $5500. 425-1725
CUSTOM CONVERSION GMC Bus, 37 ft., air brakes, automatic transmission, generator, dual air, loaded. $19,500. 538-5282
FOR RENT: new Mini Motor Home, no mileage charge. 261-8520
EAGLE EAGLE, 1977, tent camper, 7x14 add-a-room, storage, cabinet, very good condition. $1800. 455-3412
MINI MOTOR Home, automatic, self contained, furnace, air, sleeps five, low mileage, extras. 464-8409
TERRY 1976, 28 ft. self contained, full bathroom, double bed, full kitchen, 14 ft. add-a-room, excellent condition. 422-1055
SCEPTOR 1970, 28' with Reese Hitch, sleeps 6 fully, in stove, refrigerator, furnace, double sink, heating system, sliding windows, good condition, best offer. 555-4655
FOR RENT 1977 Champion motor home, sleeps 8, air conditioning, generator, cruise control & extras. 591-0877
FAN, 20 ft. rear bath style, sleeps six, self-contained, excellent condition, many extras, good condition. $1600. 525-1966
EAGLE 1972 Roamer, solid state, sleeps 8, furnace, stove and sink, exterior refrigerator, good condition. $1690. 425-4325
FORD MOTORHOME, 1974, 23 ft., air conditioning, 40,000 miles. Only $8,500. North Brand. 421-1735
TOYOTA
CHINOOK
VANS & CAMPERS
FOR RENT
$125.00 per weekend
FROM...$6,000
(Rentals available)
PAGE TOYOTA
Telegraph & 9 1/2 Mile
352-8580
816 Auto-Truck Parts & Service
TRUCK TIRES (2), 7.75 x 15 ply, very good condition. $12.50 each. 464-9070
MUSTANG PARTS 1965-1966, Wanted, 521-9990
ORIGINAL Model A parts, engine, transmission, etc. Make offer. Between 9 AM - 6 PM. 455-7300
CHEVELLE, 1967 Body, good condition, seats, front bumper and right front fender. $50. 421-7781
TIRES (2) FREEST (2) WINSTO Radials. Steel, mags with tracks. Brand new. $100. After 6 PM. 425-7774
FORD 1963 pick up for parts, 351 Ford engine. $223. 349-4236
1974 Engine 400ci and transmission and linkage. $350. 255-1165
LADDER RACKS for pickups and vans. Fabricated to your specifications. 422-3016
HEMI BRONZE Wheels for Ford Truck F150 thru F350. $65. 474-3152
820 Autos Wanted
We Buy Cars
We Pay Top Dollar For Clean Used Cars
CALL US NOW ASK FOR KEN BODEN OR LARRY POMAVILLE
Matthews-Hargreaves CHEVROLET
10 Mile & Woodward
398-8800
O&E
